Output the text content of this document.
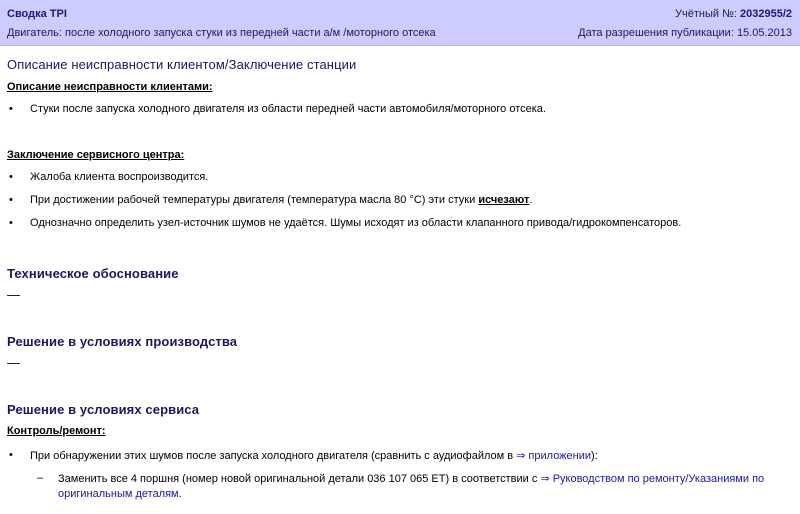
Сводка TPI
Двигатель: после холодного запуска стуки из передней части а/м /моторного отсека
Учётный №: 2032955/2
Дата разрешения публикации: 15.05.2013
Описание неисправности клиентом/Заключение станции
Описание неисправности клиентами:
• Стуки после запуска холодного двигателя из области передней части автомобиля/моторного отсека.
Заключение сервисного центра:
• Жалоба клиента воспроизводится.
• При достижении рабочей температуры двигателя (температура масла 80 °C) эти стуки исчезают.
• Однозначно определить узел-источник шумов не удаётся. Шумы исходят из области клапанного привода/гидрокомпенсаторов.
Техническое обоснование
—
Решение в условиях производства
—
Решение в условиях сервиса
Контроль/ремонт:
• При обнаружении этих шумов после запуска холодного двигателя (сравнить с аудиофайлом в ⇒ приложении):
– Заменить все 4 поршня (номер новой оригинальной детали 036 107 065 ET) в соответствии с ⇒ Руководством по ремонту/Указаниями по оригинальным деталям.
